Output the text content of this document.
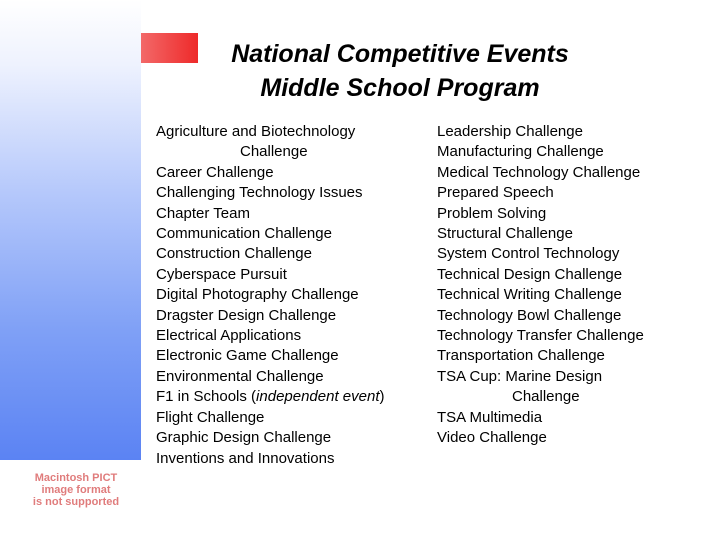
National Competitive Events
Middle School Program
Agriculture and Biotechnology
Challenge
Career Challenge
Challenging Technology Issues
Chapter Team
Communication Challenge
Construction Challenge
Cyberspace Pursuit
Digital Photography Challenge
Dragster Design Challenge
Electrical Applications
Electronic Game Challenge
Environmental Challenge
F1 in Schools (independent event)
Flight Challenge
Graphic Design Challenge
Inventions and Innovations
Leadership Challenge
Manufacturing Challenge
Medical Technology Challenge
Prepared Speech
Problem Solving
Structural Challenge
System Control Technology
Technical Design Challenge
Technical Writing Challenge
Technology Bowl Challenge
Technology Transfer Challenge
Transportation Challenge
TSA Cup: Marine Design
Challenge
TSA Multimedia
Video Challenge
Macintosh PICT
image format
is not supported
